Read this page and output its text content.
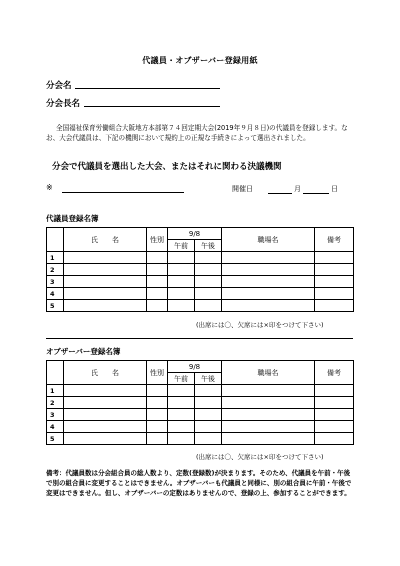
代議員・オブザーバー登録用紙
分会名
分会長名
全国福祉保育労働組合大阪地方本部第７４回定期大会(2019年９月８日)の代議員を登録します。なお、大会代議員は、下記の機関において規約上の正規な手続きによって選出されました。
分会で代議員を選出した大会、またはそれに関わる決議機関
※	開催日	月	日
代議員登録名簿
	氏　　名	性別	9/8		職場名	備考
			午前	午後		
1						
2						
3						
4						
5						
(出席には〇、欠席には×印をつけて下さい)
オブザーバー登録名簿
	氏　　名	性別	9/8		職場名	備考
			午前	午後		
1						
2						
3						
4						
5						
(出席には〇、欠席には×印をつけて下さい)
備考：代議員数は分会組合員の総人数より、定数(登録数)が決まります。そのため、代議員を午前・午後で別の組合員に変更することはできません。オブザーバーも代議員と同様に、別の組合員に午前・午後で変更はできません。但し、オブザーバーの定数はありませんので、登録の上、参加することができます。
